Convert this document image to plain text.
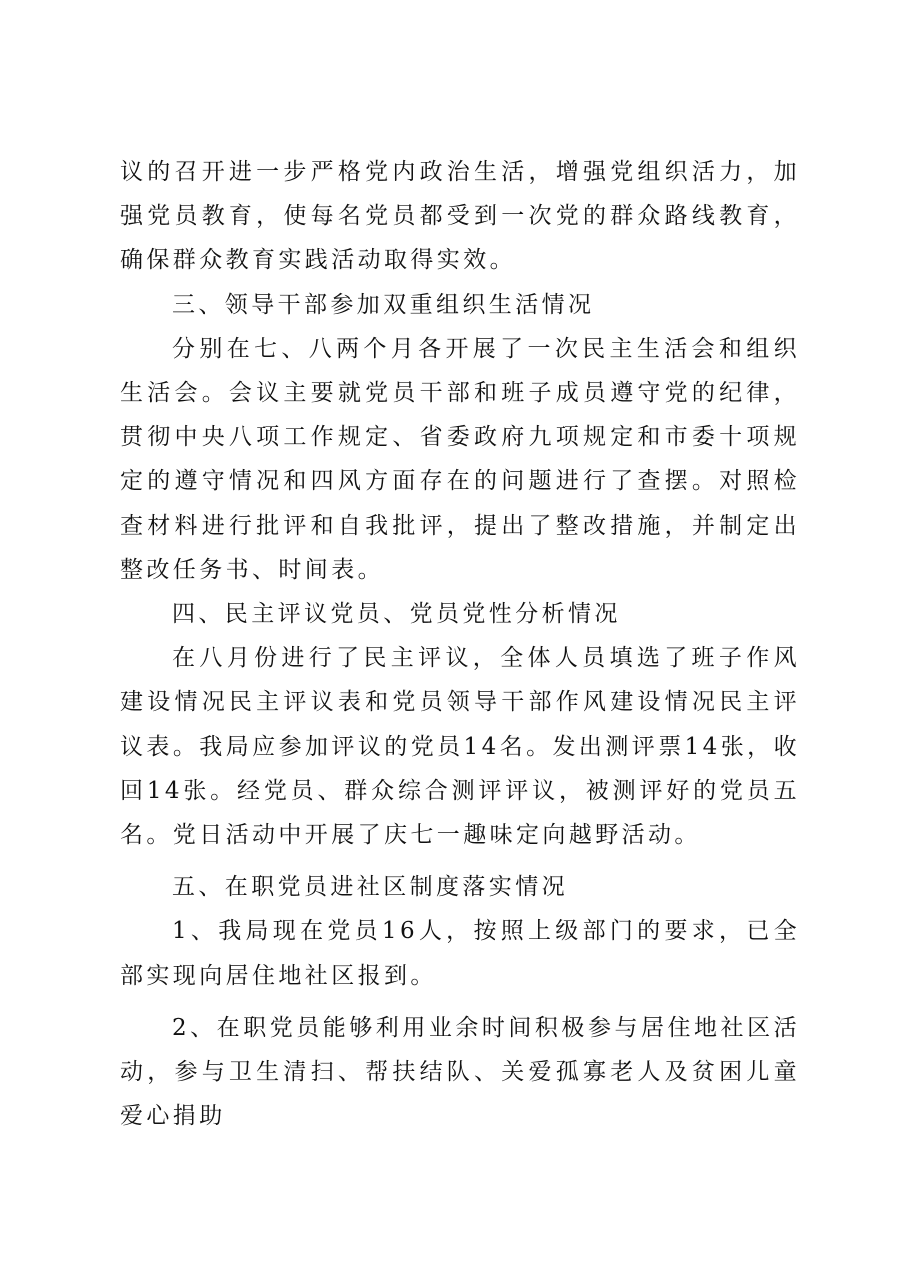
议的召开进一步严格党内政治生活，增强党组织活力，加强党员教育，使每名党员都受到一次党的群众路线教育，确保群众教育实践活动取得实效。

三、领导干部参加双重组织生活情况

分别在七、八两个月各开展了一次民主生活会和组织生活会。会议主要就党员干部和班子成员遵守党的纪律，贯彻中央八项工作规定、省委政府九项规定和市委十项规定的遵守情况和四风方面存在的问题进行了查摆。对照检查材料进行批评和自我批评，提出了整改措施，并制定出整改任务书、时间表。

四、民主评议党员、党员党性分析情况

在八月份进行了民主评议，全体人员填选了班子作风建设情况民主评议表和党员领导干部作风建设情况民主评议表。我局应参加评议的党员14名。发出测评票14张，收回14张。经党员、群众综合测评评议，被测评好的党员五名。党日活动中开展了庆七一趣味定向越野活动。

五、在职党员进社区制度落实情况

1、我局现在党员16人，按照上级部门的要求，已全部实现向居住地社区报到。

2、在职党员能够利用业余时间积极参与居住地社区活动，参与卫生清扫、帮扶结队、关爱孤寡老人及贫困儿童爱心捐助
